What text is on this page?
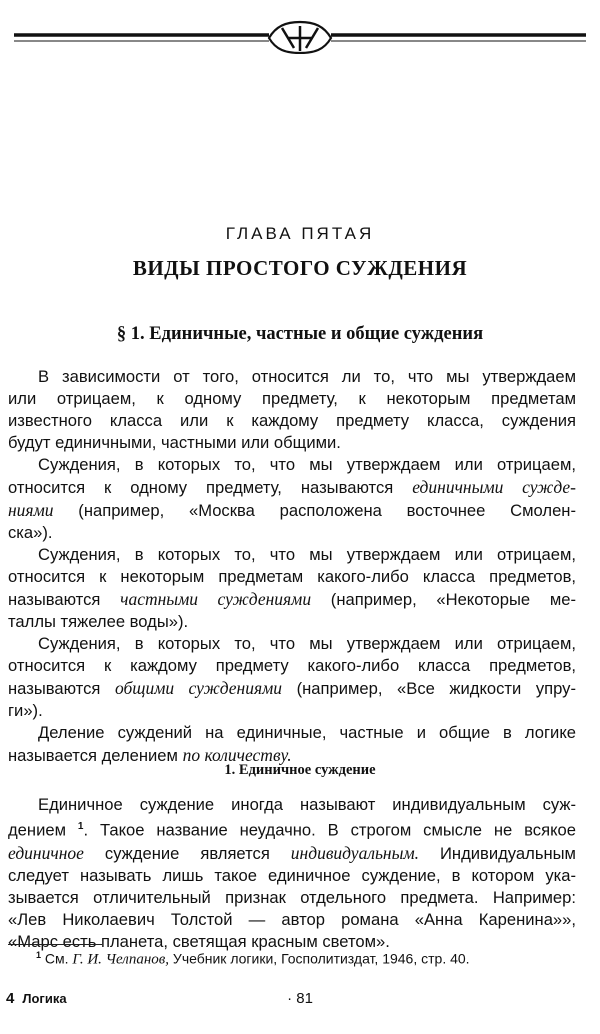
ГЛАВА ПЯТАЯ
ВИДЫ ПРОСТОГО СУЖДЕНИЯ
§ 1. Единичные, частные и общие суждения
В зависимости от того, относится ли то, что мы утверждаем
или отрицаем, к одному предмету, к некоторым предметам
известного класса или к каждому предмету класса, суждения
будут единичными, частными или общими.
Суждения, в которых то, что мы утверждаем или отрицаем,
относится к одному предмету, называются единичными сужде-
ниями (например, «Москва расположена восточнее Смолен-
ска»).
Суждения, в которых то, что мы утверждаем или отрицаем,
относится к некоторым предметам какого-либо класса предметов,
называются частными суждениями (например, «Некоторые ме-
таллы тяжелее воды»).
Суждения, в которых то, что мы утверждаем или отрицаем,
относится к каждому предмету какого-либо класса предметов,
называются общими суждениями (например, «Все жидкости упру-
ги»).
Деление суждений на единичные, частные и общие в логике
называется делением по количеству.
1. Единичное суждение
Единичное суждение иногда называют индивидуальным суж-
дением $^1$. Такое название неудачно. В строгом смысле не всякое
единичное суждение является индивидуальным. Индивидуальным
следует называть лишь такое единичное суждение, в котором ука-
зывается отличительный признак отдельного предмета. Например:
«Лев Николаевич Толстой — автор романа «Анна Каренина»»,
«Марс есть планета, светящая красным светом».
$^1$ См. Г. И. Челпанов, Учебник логики, Госполитиздат, 1946, стр. 40.
4 Логика	· 81
